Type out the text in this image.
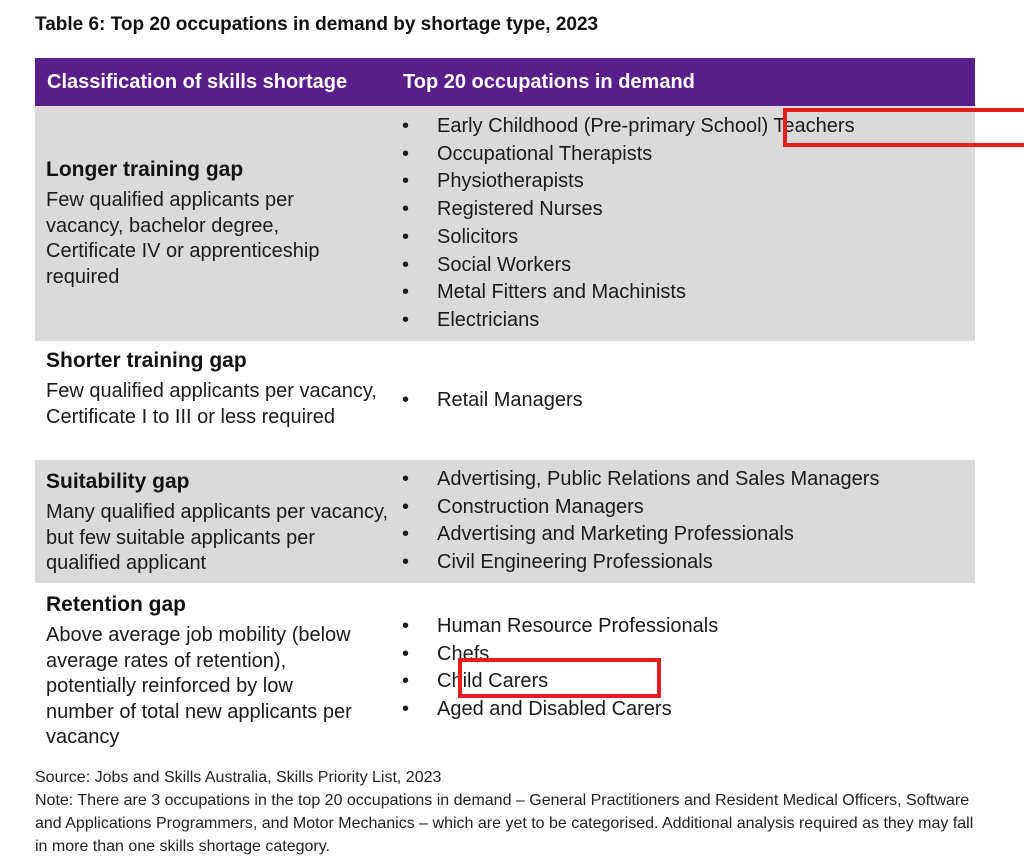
Table 6: Top 20 occupations in demand by shortage type, 2023
Classification of skills shortage	Top 20 occupations in demand
Longer training gap
Few qualified applicants per vacancy, bachelor degree, Certificate IV or apprenticeship required
• Early Childhood (Pre-primary School) Teachers
• Occupational Therapists
• Physiotherapists
• Registered Nurses
• Solicitors
• Social Workers
• Metal Fitters and Machinists
• Electricians
Shorter training gap
Few qualified applicants per vacancy, Certificate I to III or less required
• Retail Managers
Suitability gap
Many qualified applicants per vacancy, but few suitable applicants per qualified applicant
• Advertising, Public Relations and Sales Managers
• Construction Managers
• Advertising and Marketing Professionals
• Civil Engineering Professionals
Retention gap
Above average job mobility (below average rates of retention), potentially reinforced by low number of total new applicants per vacancy
• Human Resource Professionals
• Chefs
• Child Carers
• Aged and Disabled Carers
Source: Jobs and Skills Australia, Skills Priority List, 2023
Note: There are 3 occupations in the top 20 occupations in demand – General Practitioners and Resident Medical Officers, Software and Applications Programmers, and Motor Mechanics – which are yet to be categorised. Additional analysis required as they may fall in more than one skills shortage category.
